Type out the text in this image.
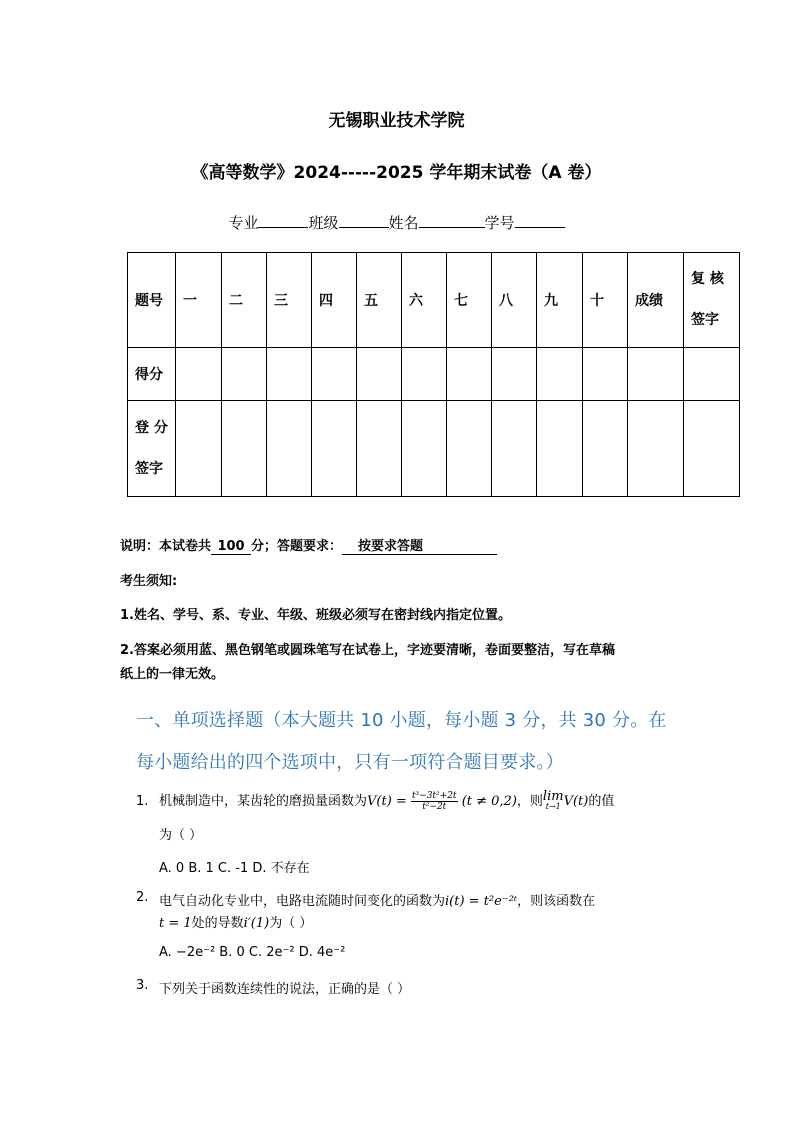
无锡职业技术学院
《高等数学》2024-----2025 学年期末试卷（A 卷）
专业	班级	姓名	学号
题号	一	二	三	四	五	六	七	八	九	十	成绩	复 核
签字

得分												

登 分
签字												

说明：本试卷共 100 分；答题要求： 按要求答题
考生须知:
1.姓名、学号、系、专业、年级、班级必须写在密封线内指定位置。
2.答案必须用蓝、黑色钢笔或圆珠笔写在试卷上，字迹要清晰，卷面要整洁，写在草稿
纸上的一律无效。
一、单项选择题（本大题共 10 小题，每小题 3 分，共 30 分。在
每小题给出的四个选项中，只有一项符合题目要求。）
1. 机械制造中，某齿轮的磨损量函数为$V(t) = \frac{\text{t³−3t²+2t}}{\text{t²−2t}} (t \ne 0,2)$，则lim
t→1 V(t)的值
为（ ）
A. 0 B. 1 C. -1 D. 不存在
2. 电气自动化专业中，电路电流随时间变化的函数为i(t) = t²e⁻²ᵗ，则该函数在
t = 1处的导数i′(1)为（ ）
A. −2e⁻² B. 0 C. 2e⁻² D. 4e⁻²
3. 下列关于函数连续性的说法，正确的是（ ）
